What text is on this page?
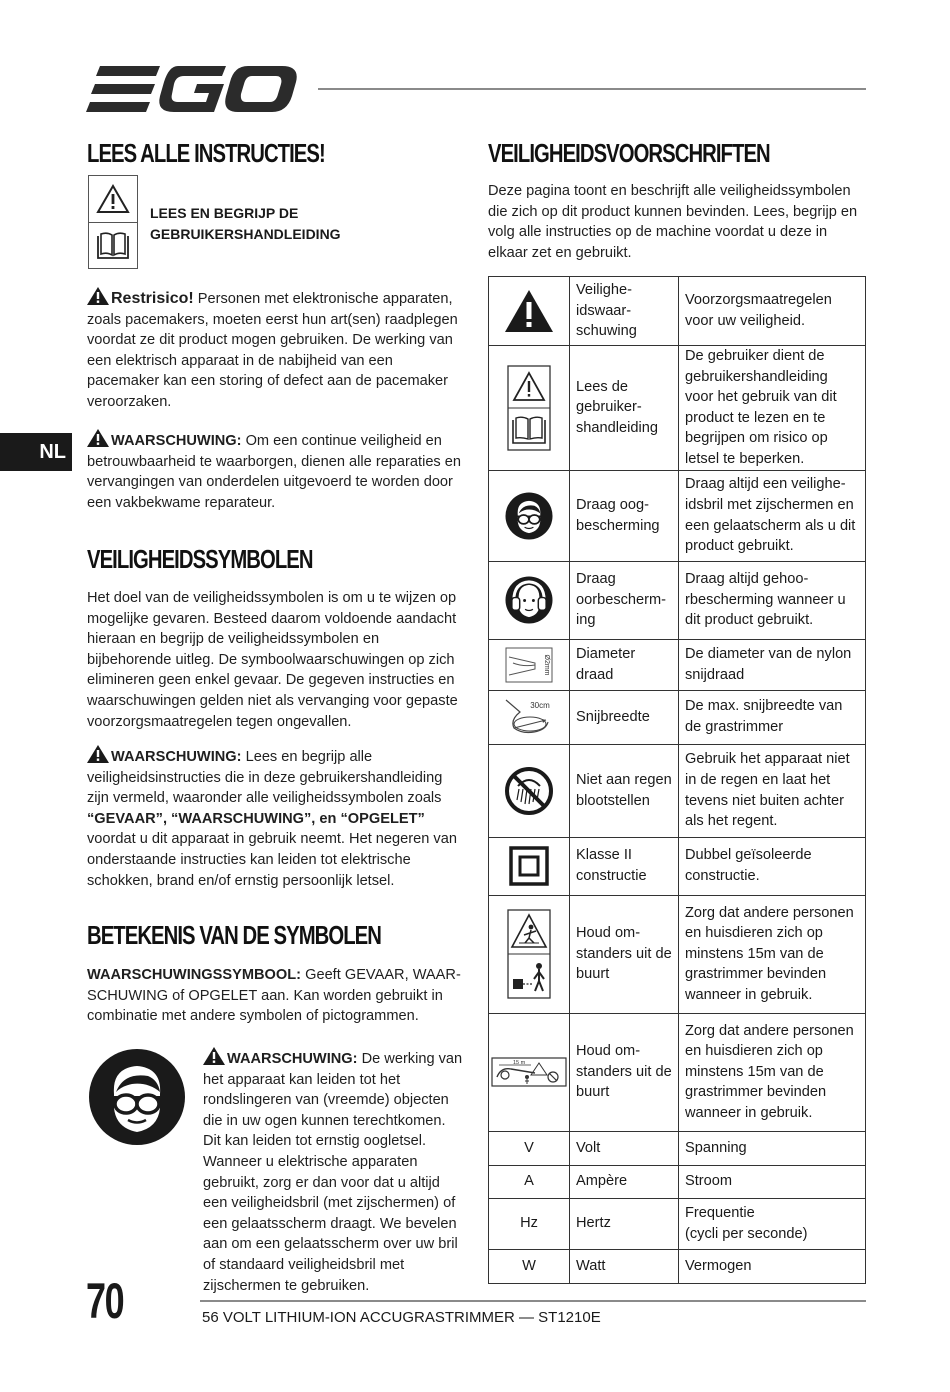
NL
LEES ALLE INSTRUCTIES!
LEES EN BEGRIJP DE
GEBRUIKERSHANDLEIDING

Restrisico! Personen met elektronische apparaten, zoals pacemakers, moeten eerst hun art(sen) raadplegen voordat ze dit product mogen gebruiken. De werking van een elektrisch apparaat in de nabijheid van een pacemaker kan een storing of defect aan de pacemaker veroorzaken.

WAARSCHUWING: Om een continue veiligheid en betrouwbaarheid te waarborgen, dienen alle reparaties en vervangingen van onderdelen uitgevoerd te worden door een vakbekwame reparateur.

VEILIGHEIDSSYMBOLEN

Het doel van de veiligheidssymbolen is om u te wijzen op mogelijke gevaren. Besteed daarom voldoende aandacht hieraan en begrijp de veiligheidssymbolen en bijbehorende uitleg. De symboolwaarschuwingen op zich elimineren geen enkel gevaar. De gegeven instructies en waarschuwingen gelden niet als vervanging voor gepaste voorzorgsmaatregelen tegen ongevallen.

WAARSCHUWING: Lees en begrijp alle veiligheidsinstructies die in deze gebruikershandleiding zijn vermeld, waaronder alle veiligheidssymbolen zoals “GEVAAR”, “WAARSCHUWING”, en “OPGELET” voordat u dit apparaat in gebruik neemt. Het negeren van onderstaande instructies kan leiden tot elektrische schokken, brand en/of ernstig persoonlijk letsel.

BETEKENIS VAN DE SYMBOLEN

WAARSCHUWINGSSYMBOOL: Geeft GEVAAR, WAARSCHUWING of OPGELET aan. Kan worden gebruikt in combinatie met andere symbolen of pictogrammen.

WAARSCHUWING: De werking van het apparaat kan leiden tot het rondslingeren van (vreemde) objecten die in uw ogen kunnen terechtkomen. Dit kan leiden tot ernstig oogletsel. Wanneer u elektrische apparaten gebruikt, zorg er dan voor dat u altijd een veiligheidsbril (met zijschermen) of een gelaatsscherm draagt. We bevelen aan om een gelaatsscherm over uw bril of standaard veiligheidsbril met zijschermen te gebruiken.

VEILIGHEIDSVOORSCHRIFTEN

Deze pagina toont en beschrijft alle veiligheidssymbolen die zich op dit product kunnen bevinden. Lees, begrijp en volg alle instructies op de machine voordat u deze in elkaar zet en gebruikt.

	Veiligheidswaarschuwing	Voorzorgsmaatregelen voor uw veiligheid.

	Lees de gebruikershandleiding	De gebruiker dient de gebruikershandleiding voor het gebruik van dit product te lezen en te begrijpen om risico op letsel te beperken.

	Draag oogbescherming	Draag altijd een veiligheidsbril met zijschermen en een gelaatscherm als u dit product gebruikt.

	Draag oorbescherming	Draag altijd gehoorbescherming wanneer u dit product gebruikt.

Ø2mm	Diameter draad	De diameter van de nylon snijdraad

30cm	Snijbreedte	De max. snijbreedte van de grastrimmer

	Niet aan regen blootstellen	Gebruik het apparaat niet in de regen en laat het tevens niet buiten achter als het regent.

	Klasse II constructie	Dubbel geïsoleerde constructie.

	Houd omstanders uit de buurt	Zorg dat andere personen en huisdieren zich op minstens 15m van de grastrimmer bevinden wanneer in gebruik.

15 m	Houd omstanders uit de buurt	Zorg dat andere personen en huisdieren zich op minstens 15m van de grastrimmer bevinden wanneer in gebruik.
V	Volt	Spanning
A	Ampère	Stroom
Hz	Hertz	Frequentie
(cycli per seconde)

W	Watt	Vermogen
70	56 VOLT LITHIUM-ION ACCUGRASTRIMMER — ST1210E
